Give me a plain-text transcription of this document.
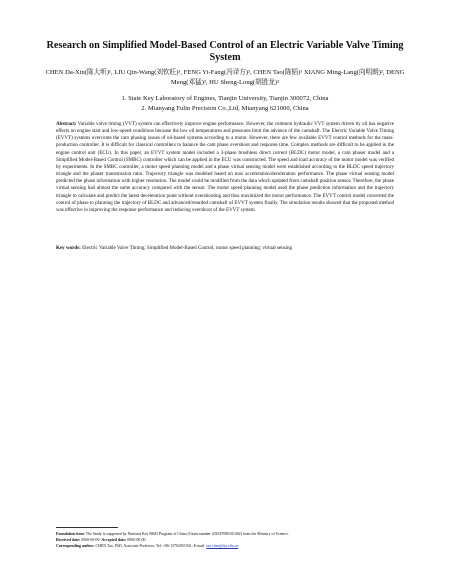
Research on Simplified Model-Based Control of an Electric Variable Valve Timing System
CHEN Da-Xin(陈大昕)¹, LIU Qin-Wang(刘钦旺)¹, FENG Yi-Fang(冯译方)¹, CHEN Tao(陈韬)¹ XIANG Ming-Lang(向明朗)², DENG Meng(邓猛)², HU Sheng-Long(胡胜龙)²
1. State Key Laboratory of Engines, Tianjin University, Tianjin 300072, China
2. Mianyang Fulin Precision Co.,Ltd, Mianyang 621000, China
Abstract: Variable valve timing (VVT) system can effectively improve engine performance. However, the common hydraulic VVT system driven by oil has negative effects on engine start and low-speed conditions because the low oil temperatures and pressures limit the advance of the camshaft. The Electric Variable Valve Timing (EVVT) systems overcome the cam phasing issues of oil-based systems according to a motor. However, there are few available EVVT control methods for the mass-production controller. It is difficult for classical controllers to balance the cam phase overshoot and response time. Complex methods are difficult to be applied in the engine control unit (ECU). In this paper, an EVVT system model included a 3-phase brushless direct current (BLDC) motor model, a cam phaser model and a Simplified Model-Based Control (SMBC) controller which can be applied in the ECU was constructed. The speed and load accuracy of the motor model was verified by experiments. In the SMBC controller, a motor speed planning model and a phase virtual sensing model were established according to the BLDC speed trajectory triangle and the phaser transmission ratio. Trajectory triangle was modeled based on max acceleration/deceleration performance. The phase virtual sensing model predicted the phase information with higher resolution. The model could be modified from the data which updated from camshaft position sensor. Therefore, the phase virtual sensing had almost the same accuracy compared with the sensor. The motor speed planning model used the phase prediction information and the trajectory triangle to calculate and predict the latest deceleration point without overshooting and thus maximized the motor performance. The EVVT control model converted the control of phase to planning the trajectory of BLDC and advanced/retarded camshaft of EVVT system finally. The simulation results showed that the proposed method was effective in improving the response performance and reducing overshoot of the EVVT system.
Key words: Electric Variable Valve Timing; Simplified Model-Based Control; motor speed planning; virtual sensing
Foundation item: The Study is supported by National Key R&D Program of China (Grant number 2016YFB0101402) from the Ministry of Science.
Received date: 0000-00-00; Accepted date: 0000-00-00
Corresponding author: CHEN Tao, PhD, Associate Professor, Tel: +86-13702051941; E-mail: tao.chen@tju.edu.cn
